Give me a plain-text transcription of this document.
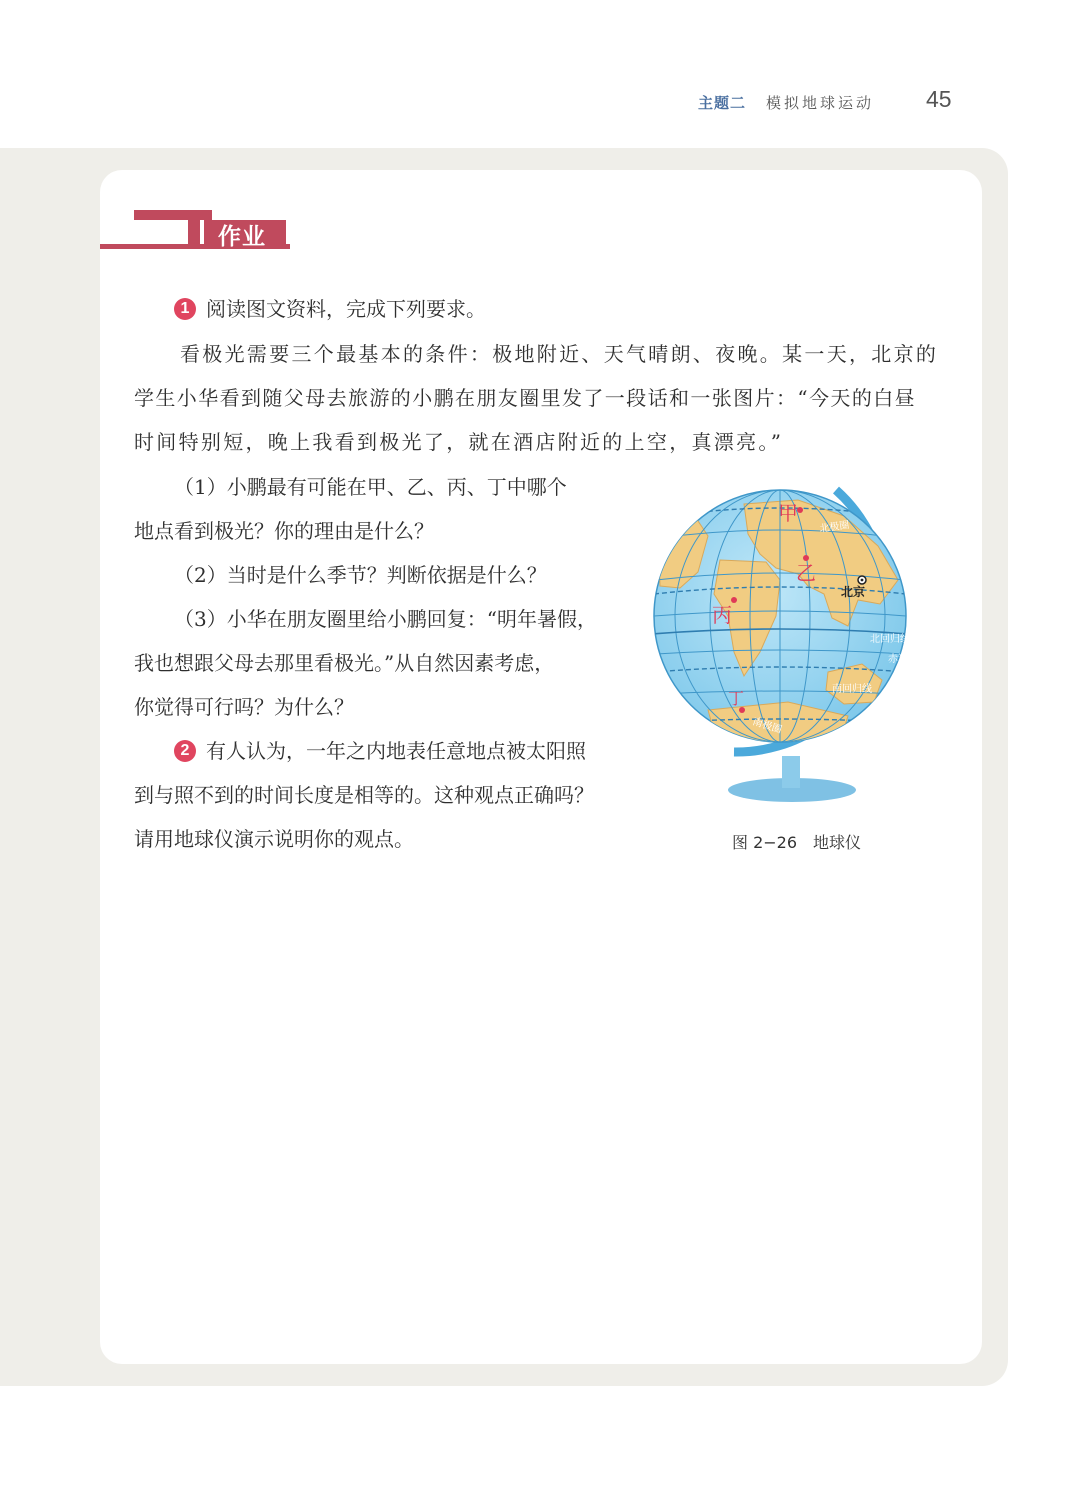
主题二 模拟地球运动 45
作业
1 阅读图文资料，完成下列要求。
看极光需要三个最基本的条件：极地附近、天气晴朗、夜晚。某一天，北京的
学生小华看到随父母去旅游的小鹏在朋友圈里发了一段话和一张图片：“今天的白昼
时间特别短，晚上我看到极光了，就在酒店附近的上空，真漂亮。”
（1）小鹏最有可能在甲、乙、丙、丁中哪个
地点看到极光？你的理由是什么？
（2）当时是什么季节？判断依据是什么？
（3）小华在朋友圈里给小鹏回复：“明年暑假，
我也想跟父母去那里看极光。”从自然因素考虑，
你觉得可行吗？为什么？
2 有人认为，一年之内地表任意地点被太阳照
到与照不到的时间长度是相等的。这种观点正确吗？
请用地球仪演示说明你的观点。
北极圈
北回归线
赤道
南回归线
南极圈
甲
乙
丙
丁
北京
图 2−26　地球仪
